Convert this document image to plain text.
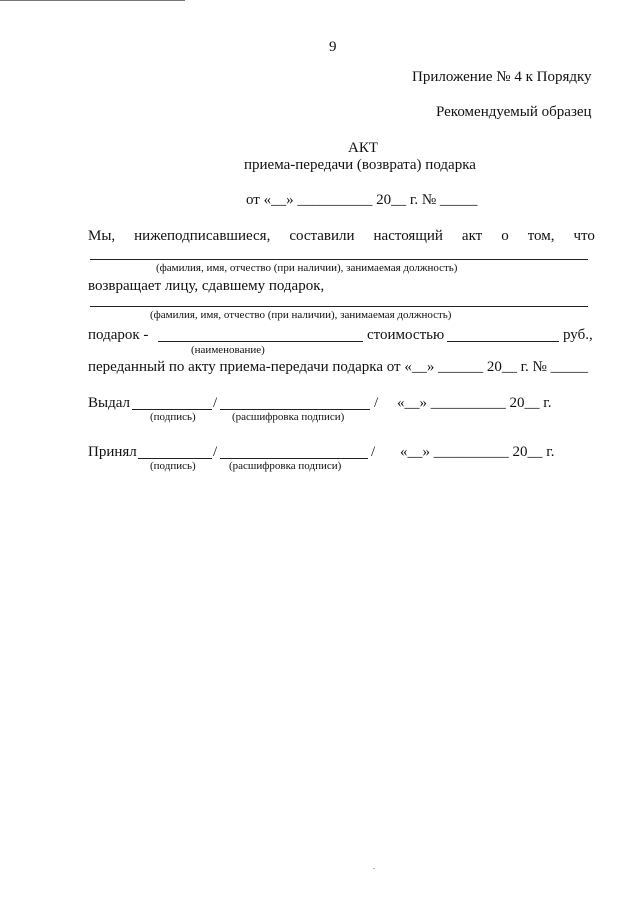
9
Приложение № 4 к Порядку
Рекомендуемый образец
АКТ
приема-передачи (возврата) подарка
от «__» __________ 20__ г. № _____
Мы, нижеподписавшиеся, составили настоящий акт о том, что
(фамилия, имя, отчество (при наличии), занимаемая должность)
возвращает лицу, сдавшему подарок,
(фамилия, имя, отчество (при наличии), занимаемая должность)
подарок -	стоимостью	руб.,
(наименование)
переданный по акту приема-передачи подарка от «__» ______ 20__ г. № _____
Выдал	/	/ «__» __________ 20__ г.
(подпись)	(расшифровка подписи)
Принял	/	/ «__» __________ 20__ г.
(подпись)	(расшифровка подписи)
